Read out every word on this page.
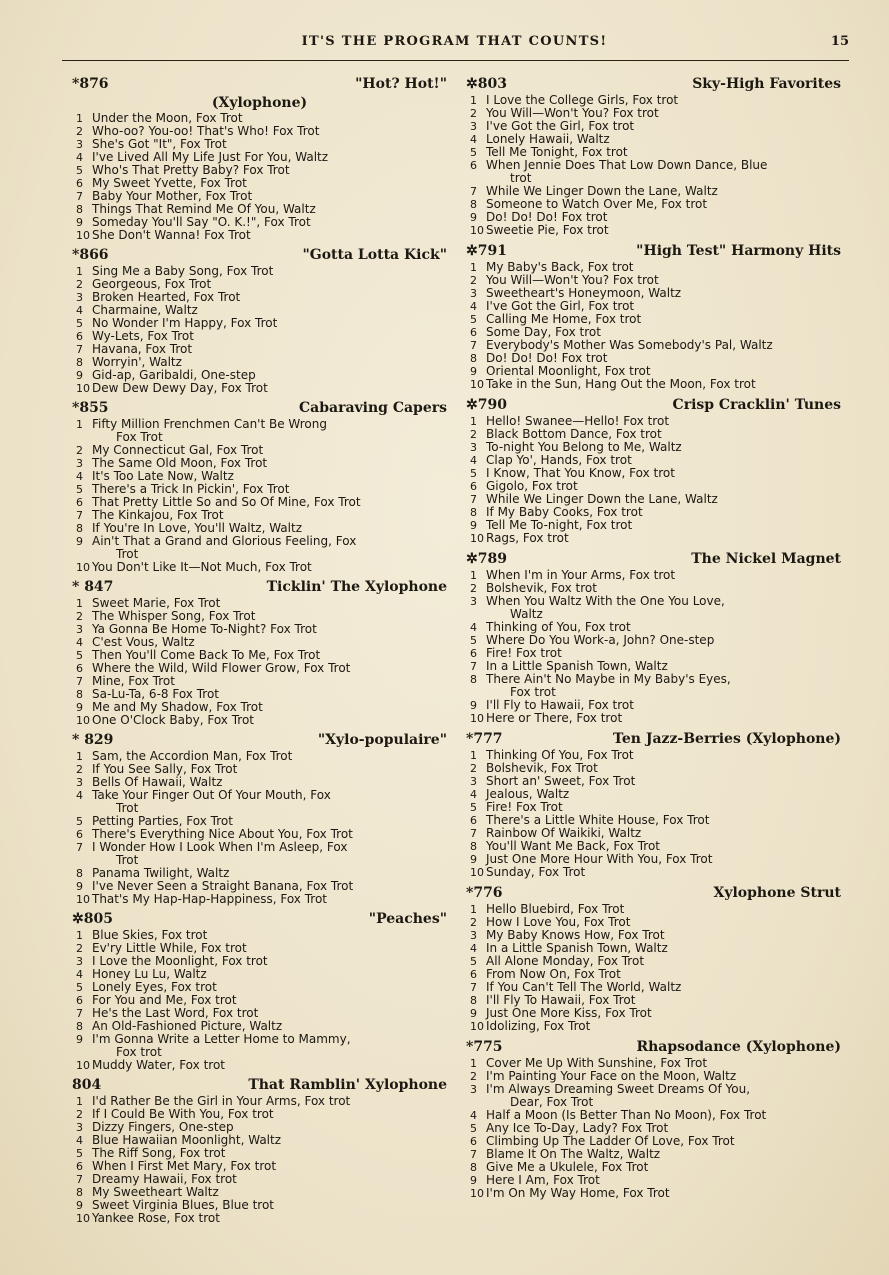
IT'S THE PROGRAM THAT COUNTS!	15
*876	"Hot? Hot!"
(Xylophone)
1 Under the Moon, Fox Trot
2 Who-oo? You-oo! That's Who! Fox Trot
3 She's Got "It", Fox Trot
4 I've Lived All My Life Just For You, Waltz
5 Who's That Pretty Baby? Fox Trot
6 My Sweet Yvette, Fox Trot
7 Baby Your Mother, Fox Trot
8 Things That Remind Me Of You, Waltz
9 Someday You'll Say "O. K.!", Fox Trot
10 She Don't Wanna! Fox Trot
*866	"Gotta Lotta Kick"
1 Sing Me a Baby Song, Fox Trot
2 Georgeous, Fox Trot
3 Broken Hearted, Fox Trot
4 Charmaine, Waltz
5 No Wonder I'm Happy, Fox Trot
6 Wy-Lets, Fox Trot
7 Havana, Fox Trot
8 Worryin', Waltz
9 Gid-ap, Garibaldi, One-step
10 Dew Dew Dewy Day, Fox Trot
*855	Cabaraving Capers
1 Fifty Million Frenchmen Can't Be Wrong
Fox Trot
2 My Connecticut Gal, Fox Trot
3 The Same Old Moon, Fox Trot
4 It's Too Late Now, Waltz
5 There's a Trick In Pickin', Fox Trot
6 That Pretty Little So and So Of Mine, Fox Trot
7 The Kinkajou, Fox Trot
8 If You're In Love, You'll Waltz, Waltz
9 Ain't That a Grand and Glorious Feeling, Fox
Trot
10 You Don't Like It—Not Much, Fox Trot
* 847	Ticklin' The Xylophone
1 Sweet Marie, Fox Trot
2 The Whisper Song, Fox Trot
3 Ya Gonna Be Home To-Night? Fox Trot
4 C'est Vous, Waltz
5 Then You'll Come Back To Me, Fox Trot
6 Where the Wild, Wild Flower Grow, Fox Trot
7 Mine, Fox Trot
8 Sa-Lu-Ta, 6-8 Fox Trot
9 Me and My Shadow, Fox Trot
10 One O'Clock Baby, Fox Trot
* 829	"Xylo-populaire"
1 Sam, the Accordion Man, Fox Trot
2 If You See Sally, Fox Trot
3 Bells Of Hawaii, Waltz
4 Take Your Finger Out Of Your Mouth, Fox
Trot
5 Petting Parties, Fox Trot
6 There's Everything Nice About You, Fox Trot
7 I Wonder How I Look When I'm Asleep, Fox
Trot
8 Panama Twilight, Waltz
9 I've Never Seen a Straight Banana, Fox Trot
10 That's My Hap-Hap-Happiness, Fox Trot
✲805	"Peaches"
1 Blue Skies, Fox trot
2 Ev'ry Little While, Fox trot
3 I Love the Moonlight, Fox trot
4 Honey Lu Lu, Waltz
5 Lonely Eyes, Fox trot
6 For You and Me, Fox trot
7 He's the Last Word, Fox trot
8 An Old-Fashioned Picture, Waltz
9 I'm Gonna Write a Letter Home to Mammy,
Fox trot
10 Muddy Water, Fox trot
804	That Ramblin' Xylophone
1 I'd Rather Be the Girl in Your Arms, Fox trot
2 If I Could Be With You, Fox trot
3 Dizzy Fingers, One-step
4 Blue Hawaiian Moonlight, Waltz
5 The Riff Song, Fox trot
6 When I First Met Mary, Fox trot
7 Dreamy Hawaii, Fox trot
8 My Sweetheart Waltz
9 Sweet Virginia Blues, Blue trot
10 Yankee Rose, Fox trot
✲803	Sky-High Favorites
1 I Love the College Girls, Fox trot
2 You Will—Won't You? Fox trot
3 I've Got the Girl, Fox trot
4 Lonely Hawaii, Waltz
5 Tell Me Tonight, Fox trot
6 When Jennie Does That Low Down Dance, Blue
trot
7 While We Linger Down the Lane, Waltz
8 Someone to Watch Over Me, Fox trot
9 Do! Do! Do! Fox trot
10 Sweetie Pie, Fox trot
✲791	"High Test" Harmony Hits
1 My Baby's Back, Fox trot
2 You Will—Won't You? Fox trot
3 Sweetheart's Honeymoon, Waltz
4 I've Got the Girl, Fox trot
5 Calling Me Home, Fox trot
6 Some Day, Fox trot
7 Everybody's Mother Was Somebody's Pal, Waltz
8 Do! Do! Do! Fox trot
9 Oriental Moonlight, Fox trot
10 Take in the Sun, Hang Out the Moon, Fox trot
✲790	Crisp Cracklin' Tunes
1 Hello! Swanee—Hello! Fox trot
2 Black Bottom Dance, Fox trot
3 To-night You Belong to Me, Waltz
4 Clap Yo', Hands, Fox trot
5 I Know, That You Know, Fox trot
6 Gigolo, Fox trot
7 While We Linger Down the Lane, Waltz
8 If My Baby Cooks, Fox trot
9 Tell Me To-night, Fox trot
10 Rags, Fox trot
✲789	The Nickel Magnet
1 When I'm in Your Arms, Fox trot
2 Bolshevik, Fox trot
3 When You Waltz With the One You Love,
Waltz
4 Thinking of You, Fox trot
5 Where Do You Work-a, John? One-step
6 Fire! Fox trot
7 In a Little Spanish Town, Waltz
8 There Ain't No Maybe in My Baby's Eyes,
Fox trot
9 I'll Fly to Hawaii, Fox trot
10 Here or There, Fox trot
*777	Ten Jazz-Berries (Xylophone)
1 Thinking Of You, Fox Trot
2 Bolshevik, Fox Trot
3 Short an' Sweet, Fox Trot
4 Jealous, Waltz
5 Fire! Fox Trot
6 There's a Little White House, Fox Trot
7 Rainbow Of Waikiki, Waltz
8 You'll Want Me Back, Fox Trot
9 Just One More Hour With You, Fox Trot
10 Sunday, Fox Trot
*776	Xylophone Strut
1 Hello Bluebird, Fox Trot
2 How I Love You, Fox Trot
3 My Baby Knows How, Fox Trot
4 In a Little Spanish Town, Waltz
5 All Alone Monday, Fox Trot
6 From Now On, Fox Trot
7 If You Can't Tell The World, Waltz
8 I'll Fly To Hawaii, Fox Trot
9 Just One More Kiss, Fox Trot
10 Idolizing, Fox Trot
*775	Rhapsodance (Xylophone)
1 Cover Me Up With Sunshine, Fox Trot
2 I'm Painting Your Face on the Moon, Waltz
3 I'm Always Dreaming Sweet Dreams Of You,
Dear, Fox Trot
4 Half a Moon (Is Better Than No Moon), Fox Trot
5 Any Ice To-Day, Lady? Fox Trot
6 Climbing Up The Ladder Of Love, Fox Trot
7 Blame It On The Waltz, Waltz
8 Give Me a Ukulele, Fox Trot
9 Here I Am, Fox Trot
10 I'm On My Way Home, Fox Trot
